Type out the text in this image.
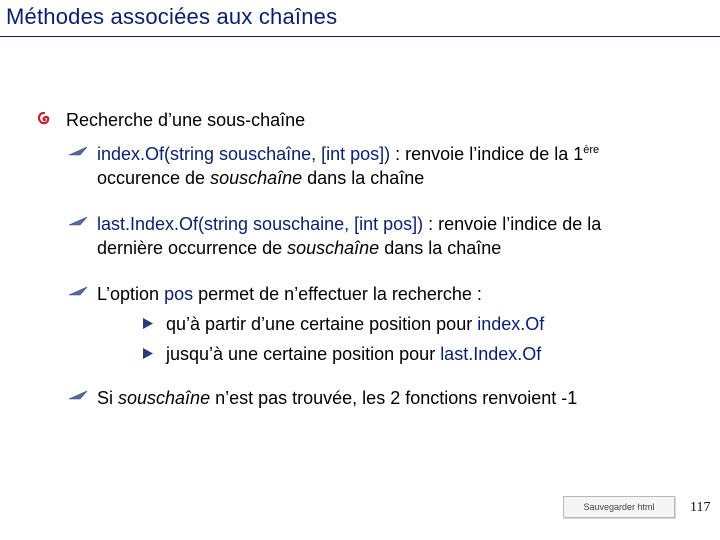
Méthodes associées aux chaînes
Recherche d’une sous-chaîne
index.Of(string souschaîne, [int pos]) : renvoie l’indice de la 1ère
occurence de souschaîne dans la chaîne
last.Index.Of(string souschaine, [int pos]) : renvoie l’indice de la
dernière occurrence de souschaîne dans la chaîne
L’option pos permet de n’effectuer la recherche :
qu’à partir d’une certaine position pour index.Of
jusqu’à une certaine position pour last.Index.Of
Si souschaîne n’est pas trouvée, les 2 fonctions renvoient -1
Sauvegarder html	117
